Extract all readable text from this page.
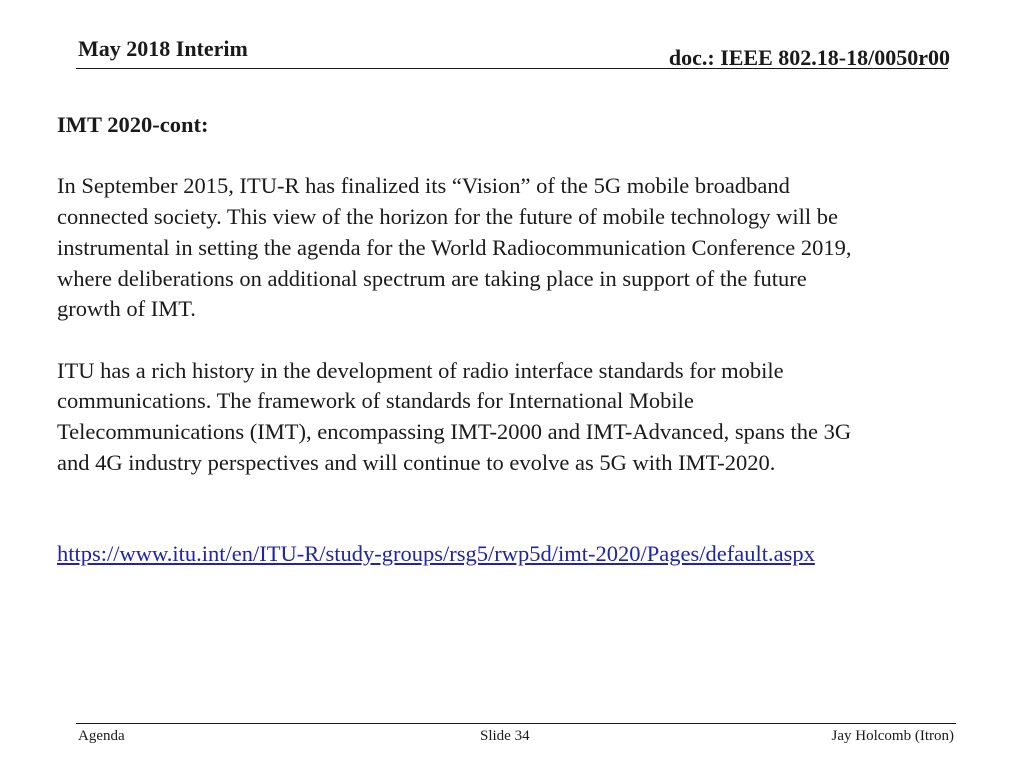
May 2018 Interim	doc.: IEEE 802.18-18/0050r00
IMT 2020-cont:

In September 2015, ITU-R has finalized its “Vision” of the 5G mobile broadband
connected society. This view of the horizon for the future of mobile technology will be
instrumental in setting the agenda for the World Radiocommunication Conference 2019,
where deliberations on additional spectrum are taking place in support of the future
growth of IMT.

ITU has a rich history in the development of radio interface standards for mobile
communications. The framework of standards for International Mobile
Telecommunications (IMT), encompassing IMT-2000 and IMT-Advanced, spans the 3G
and 4G industry perspectives and will continue to evolve as 5G with IMT-2020.

https://www.itu.int/en/ITU-R/study-groups/rsg5/rwp5d/imt-2020/Pages/default.aspx
Agenda	Slide 34	Jay Holcomb (Itron)
